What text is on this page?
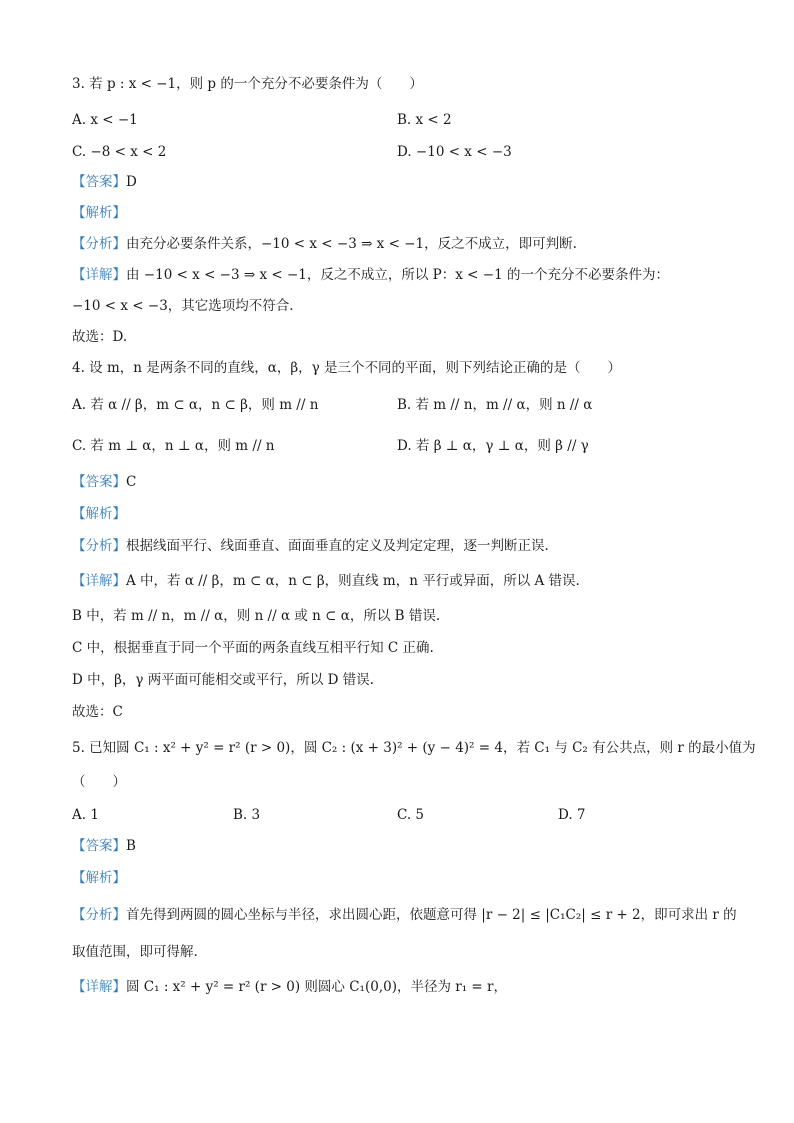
3. 若 p : x < −1，则 p 的一个充分不必要条件为（　　）
A. x < −1	B. x < 2
C. −8 < x < 2	D. −10 < x < −3
【答案】D
【解析】
【分析】由充分必要条件关系，−10 < x < −3 ⇒ x < −1，反之不成立，即可判断.
【详解】由 −10 < x < −3 ⇒ x < −1，反之不成立，所以 P：x < −1 的一个充分不必要条件为：
−10 < x < −3，其它选项均不符合.
故选：D.
4. 设 m，n 是两条不同的直线，α，β，γ 是三个不同的平面，则下列结论正确的是（　　）
A. 若 α // β，m ⊂ α，n ⊂ β，则 m // n	B. 若 m // n，m // α，则 n // α
C. 若 m ⊥ α，n ⊥ α，则 m // n	D. 若 β ⊥ α，γ ⊥ α，则 β // γ
【答案】C
【解析】
【分析】根据线面平行、线面垂直、面面垂直的定义及判定定理，逐一判断正误.
【详解】A 中，若 α // β，m ⊂ α，n ⊂ β，则直线 m，n 平行或异面，所以 A 错误.
B 中，若 m // n，m // α，则 n // α 或 n ⊂ α，所以 B 错误.
C 中，根据垂直于同一个平面的两条直线互相平行知 C 正确.
D 中，β，γ 两平面可能相交或平行，所以 D 错误.
故选：C
5. 已知圆 C₁ : x² + y² = r² (r > 0)，圆 C₂ : (x + 3)² + (y − 4)² = 4，若 C₁ 与 C₂ 有公共点，则 r 的最小值为
（　　）
A. 1	B. 3	C. 5	D. 7
【答案】B
【解析】
【分析】首先得到两圆的圆心坐标与半径，求出圆心距，依题意可得 |r − 2| ≤ |C₁C₂| ≤ r + 2，即可求出 r 的
取值范围，即可得解.
【详解】圆 C₁ : x² + y² = r² (r > 0) 则圆心 C₁(0,0)，半径为 r₁ = r，
